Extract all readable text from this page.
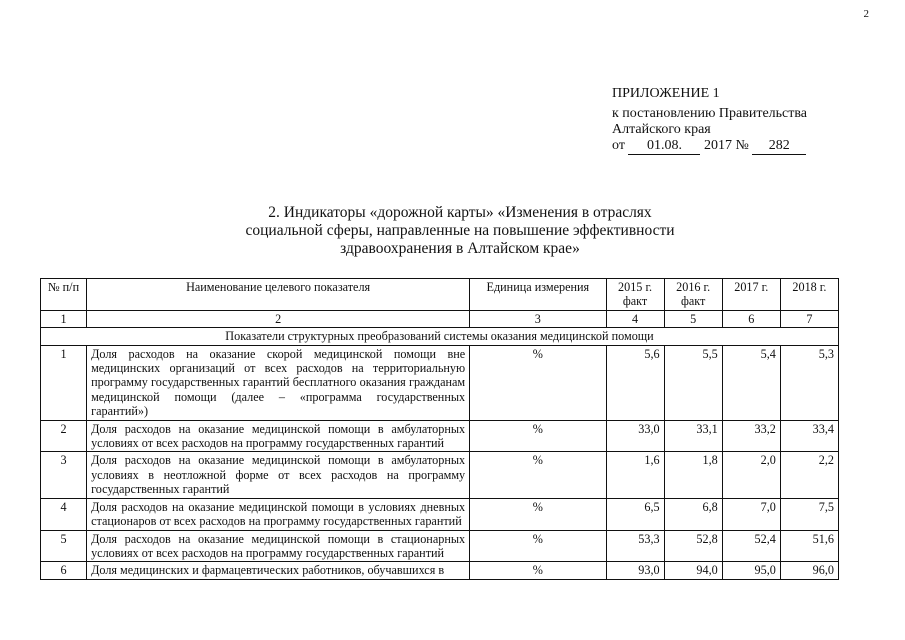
2
ПРИЛОЖЕНИЕ 1
к постановлению Правительства
Алтайского края
от 01.08. 2017 № 282
2. Индикаторы «дорожной карты» «Изменения в отраслях
социальной сферы, направленные на повышение эффективности
здравоохранения в Алтайском крае»
№ п/п	Наименование целевого показателя	Единица измерения	2015 г. факт	2016 г. факт	2017 г.	2018 г.
1	2	3	4	5	6	7
Показатели структурных преобразований системы оказания медицинской помощи						
1	Доля расходов на оказание скорой медицинской помощи вне медицинских организаций от всех расходов на территориальную программу государственных гарантий бесплатного оказания гражданам медицинской помощи (далее – «программа государственных гарантий»)	%	5,6	5,5	5,4	5,3
2	Доля расходов на оказание медицинской помощи в амбулаторных условиях от всех расходов на программу государственных гарантий	%	33,0	33,1	33,2	33,4
3	Доля расходов на оказание медицинской помощи в амбулаторных условиях в неотложной форме от всех расходов на программу государственных гарантий	%	1,6	1,8	2,0	2,2
4	Доля расходов на оказание медицинской помощи в условиях дневных стационаров от всех расходов на программу государственных гарантий	%	6,5	6,8	7,0	7,5
5	Доля расходов на оказание медицинской помощи в стационарных условиях от всех расходов на программу государственных гарантий	%	53,3	52,8	52,4	51,6
6	Доля медицинских и фармацевтических работников, обучавшихся в	%	93,0	94,0	95,0	96,0
